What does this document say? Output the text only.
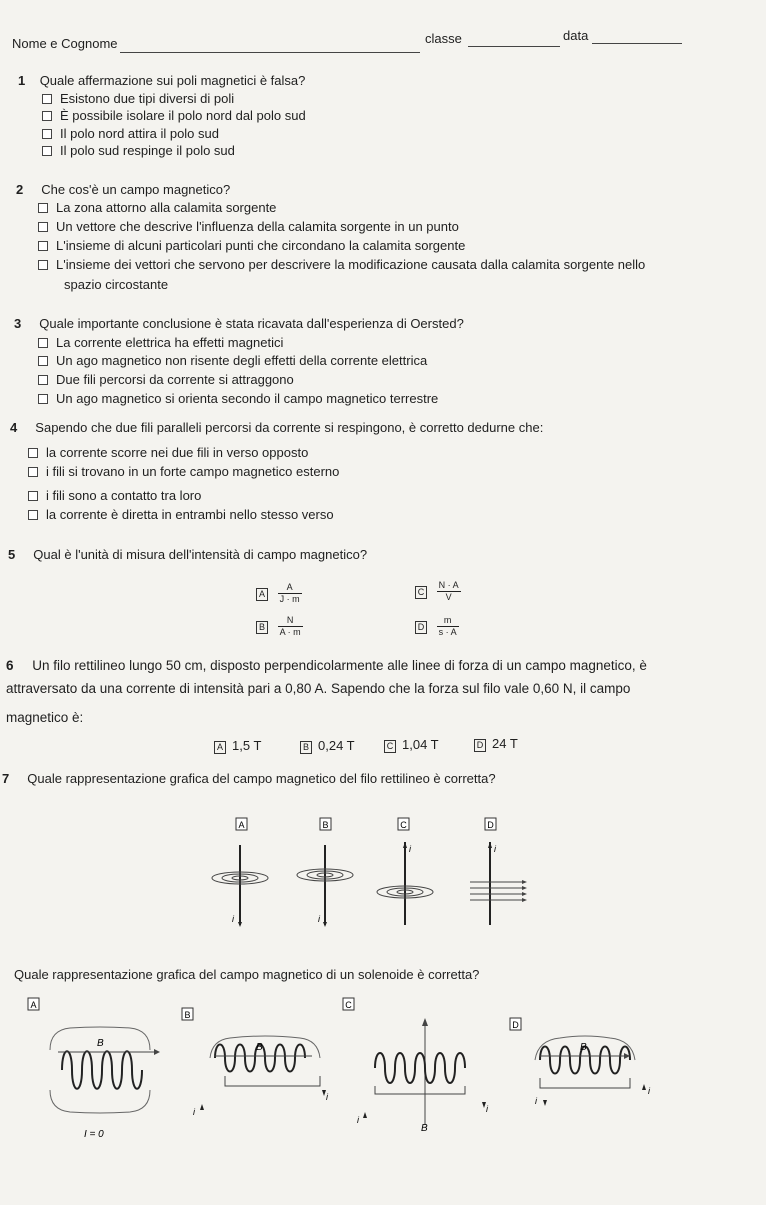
Nome e Cognome	classe	data
1 Quale affermazione sui poli magnetici è falsa?
Esistono due tipi diversi di poli
È possibile isolare il polo nord dal polo sud
Il polo nord attira il polo sud
Il polo sud respinge il polo sud
2 Che cos'è un campo magnetico?
La zona attorno alla calamita sorgente
Un vettore che descrive l'influenza della calamita sorgente in un punto
L'insieme di alcuni particolari punti che circondano la calamita sorgente
L'insieme dei vettori che servono per descrivere la modificazione causata dalla calamita sorgente nello
spazio circostante
3 Quale importante conclusione è stata ricavata dall'esperienza di Oersted?
La corrente elettrica ha effetti magnetici
Un ago magnetico non risente degli effetti della corrente elettrica
Due fili percorsi da corrente si attraggono
Un ago magnetico si orienta secondo il campo magnetico terrestre
4 Sapendo che due fili paralleli percorsi da corrente si respingono, è corretto dedurne che:
la corrente scorre nei due fili in verso opposto
i fili si trovano in un forte campo magnetico esterno
i fili sono a contatto tra loro
la corrente è diretta in entrambi nello stesso verso
5 Qual è l'unità di misura dell'intensità di campo magnetico?
A $\frac{A}{J \cdot m}$	C $\frac{N \cdot A}{V}$
B $\frac{N}{A \cdot m}$	D $\frac{m}{s \cdot A}$
6 Un filo rettilineo lungo 50 cm, disposto perpendicolarmente alle linee di forza di un campo magnetico, è
attraversato da una corrente di intensità pari a 0,80 A. Sapendo che la forza sul filo vale 0,60 N, il campo
magnetico è:
A 1,5 T	B 0,24 T	C 1,04 T	D 24 T
7 Quale rappresentazione grafica del campo magnetico del filo rettilineo è corretta?
A
i
B
i
C
i
D
i
Quale rappresentazione grafica del campo magnetico di un solenoide è corretta?
A
B
I = 0
B
B
i
i
C
B
i
i
D
B
i
i
